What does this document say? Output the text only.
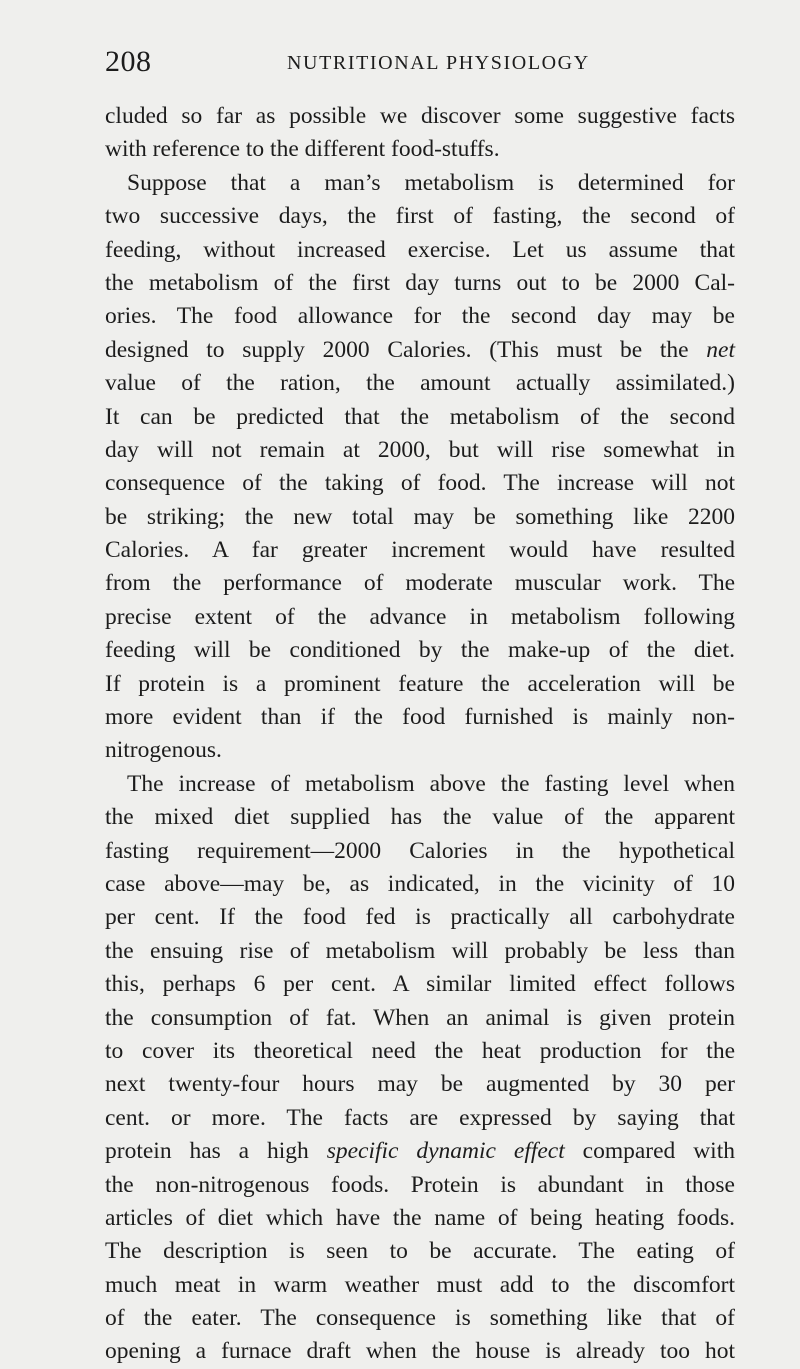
208	NUTRITIONAL PHYSIOLOGY
cluded so far as possible we discover some suggestive facts
with reference to the different food-stuffs.
Suppose that a man’s metabolism is determined for
two successive days, the first of fasting, the second of
feeding, without increased exercise. Let us assume that
the metabolism of the first day turns out to be 2000 Cal-
ories. The food allowance for the second day may be
designed to supply 2000 Calories. (This must be the net
value of the ration, the amount actually assimilated.)
It can be predicted that the metabolism of the second
day will not remain at 2000, but will rise somewhat in
consequence of the taking of food. The increase will not
be striking; the new total may be something like 2200
Calories. A far greater increment would have resulted
from the performance of moderate muscular work. The
precise extent of the advance in metabolism following
feeding will be conditioned by the make-up of the diet.
If protein is a prominent feature the acceleration will be
more evident than if the food furnished is mainly non-
nitrogenous.
The increase of metabolism above the fasting level when
the mixed diet supplied has the value of the apparent
fasting requirement—2000 Calories in the hypothetical
case above—may be, as indicated, in the vicinity of 10
per cent. If the food fed is practically all carbohydrate
the ensuing rise of metabolism will probably be less than
this, perhaps 6 per cent. A similar limited effect follows
the consumption of fat. When an animal is given protein
to cover its theoretical need the heat production for the
next twenty-four hours may be augmented by 30 per
cent. or more. The facts are expressed by saying that
protein has a high specific dynamic effect compared with
the non-nitrogenous foods. Protein is abundant in those
articles of diet which have the name of being heating foods.
The description is seen to be accurate. The eating of
much meat in warm weather must add to the discomfort
of the eater. The consequence is something like that of
opening a furnace draft when the house is already too hot
